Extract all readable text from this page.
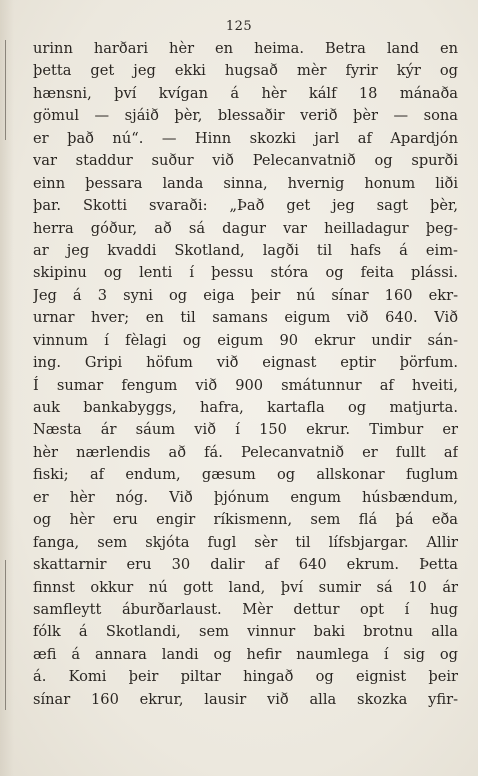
125
urinn harðari hèr en heima. Betra land en
þetta get jeg ekki hugsað mèr fyrir kýr og
hænsni, því kvígan á hèr kálf 18 mánaða
gömul — sjáið þèr, blessaðir verið þèr — sona
er það nú“. — Hinn skozki jarl af Apardjón
var staddur suður við Pelecanvatnið og spurði
einn þessara landa sinna, hvernig honum liði
þar. Skotti svaraði: „Það get jeg sagt þèr,
herra góður, að sá dagur var heilladagur þeg-
ar jeg kvaddi Skotland, lagði til hafs á eim-
skipinu og lenti í þessu stóra og feita plássi.
Jeg á 3 syni og eiga þeir nú sínar 160 ekr-
urnar hver; en til samans eigum við 640. Við
vinnum í fèlagi og eigum 90 ekrur undir sán-
ing. Gripi höfum við eignast eptir þörfum.
Í sumar fengum við 900 smátunnur af hveiti,
auk bankabyggs, hafra, kartafla og matjurta.
Næsta ár sáum við í 150 ekrur. Timbur er
hèr nærlendis að fá. Pelecanvatnið er fullt af
fiski; af endum, gæsum og allskonar fuglum
er hèr nóg. Við þjónum engum húsbændum,
og hèr eru engir ríkismenn, sem flá þá eða
fanga, sem skjóta fugl sèr til lífsbjargar. Allir
skattarnir eru 30 dalir af 640 ekrum. Þetta
finnst okkur nú gott land, því sumir sá 10 ár
samfleytt áburðarlaust. Mèr dettur opt í hug
fólk á Skotlandi, sem vinnur baki brotnu alla
æfi á annara landi og hefir naumlega í sig og
á. Komi þeir piltar hingað og eignist þeir
sínar 160 ekrur, lausir við alla skozka yfir-
